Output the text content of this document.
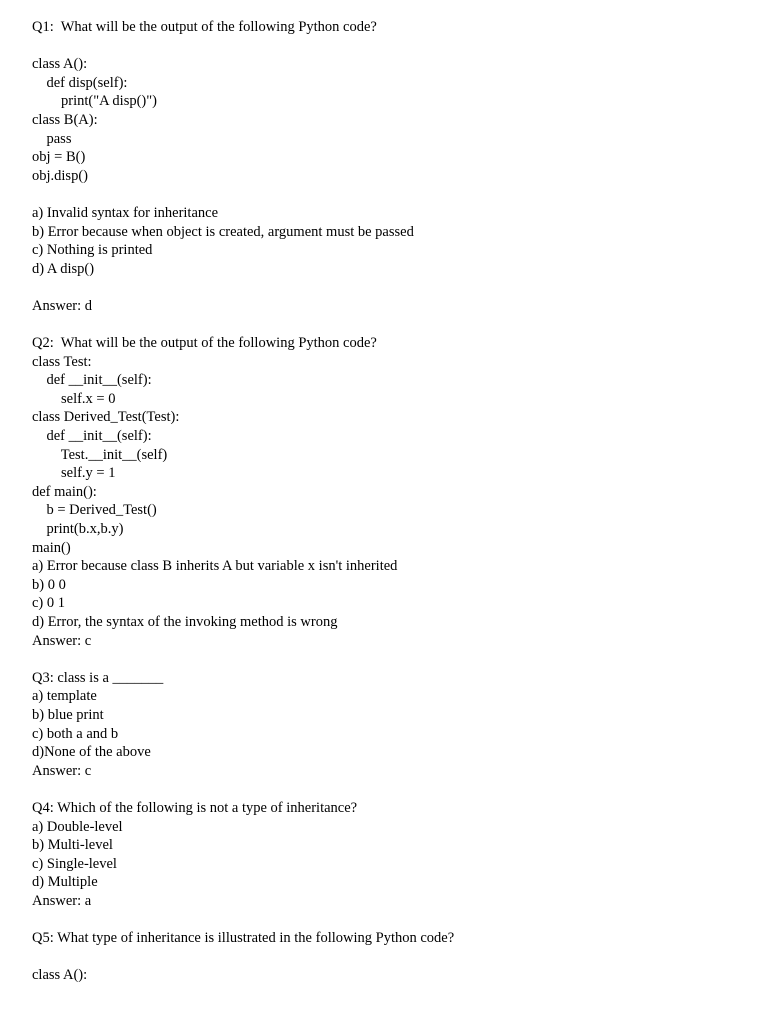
Q1:  What will be the output of the following Python code?
class A():
def disp(self):
print("A disp()")
class B(A):
pass
obj = B()
obj.disp()
a) Invalid syntax for inheritance
b) Error because when object is created, argument must be passed
c) Nothing is printed
d) A disp()
Answer: d
Q2:  What will be the output of the following Python code?
class Test:
def __init__(self):
self.x = 0
class Derived_Test(Test):
def __init__(self):
Test.__init__(self)
self.y = 1
def main():
b = Derived_Test()
print(b.x,b.y)
main()
a) Error because class B inherits A but variable x isn't inherited
b) 0 0
c) 0 1
d) Error, the syntax of the invoking method is wrong
Answer: c
Q3: class is a _______
a) template
b) blue print
c) both a and b
d)None of the above
Answer: c
Q4: Which of the following is not a type of inheritance?
a) Double-level
b) Multi-level
c) Single-level
d) Multiple
Answer: a
Q5: What type of inheritance is illustrated in the following Python code?
class A():
